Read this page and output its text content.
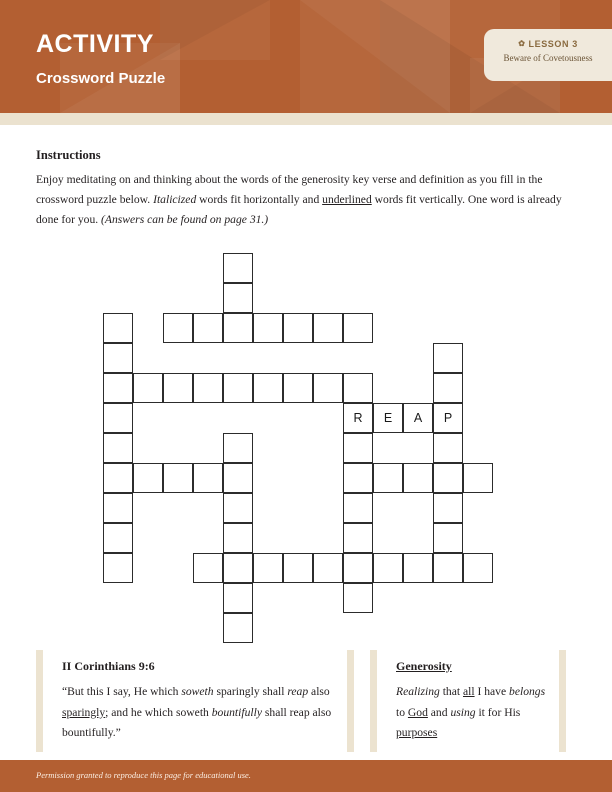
ACTIVITY
Crossword Puzzle
✿ LESSON 3
Beware of Covetousness
Instructions
Enjoy meditating on and thinking about the words of the generosity key verse and definition as you fill in the crossword puzzle below. Italicized words fit horizontally and underlined words fit vertically. One word is already done for you. (Answers can be found on page 31.)
R	E	A	P
II Corinthians 9:6
“But this I say, He which soweth sparingly shall reap also sparingly; and he which soweth bountifully shall reap also bountifully.”
Generosity
Realizing that all I have belongs to God and using it for His purposes
Permission granted to reproduce this page for educational use.
